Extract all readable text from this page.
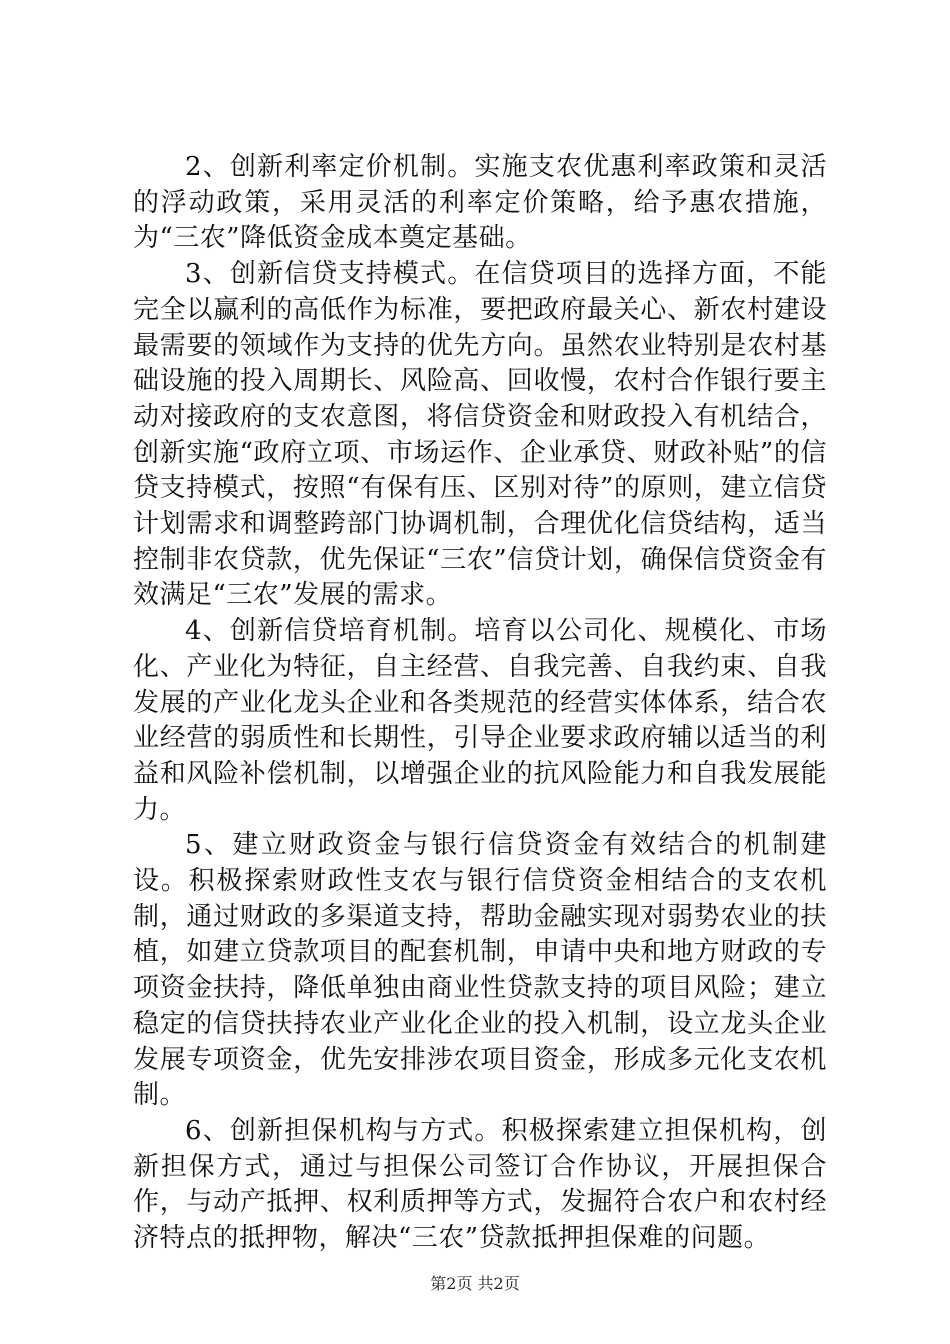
2、创新利率定价机制。实施支农优惠利率政策和灵活的浮动政策，采用灵活的利率定价策略，给予惠农措施，为“三农”降低资金成本奠定基础。

3、创新信贷支持模式。在信贷项目的选择方面，不能完全以赢利的高低作为标准，要把政府最关心、新农村建设最需要的领域作为支持的优先方向。虽然农业特别是农村基础设施的投入周期长、风险高、回收慢，农村合作银行要主动对接政府的支农意图，将信贷资金和财政投入有机结合，创新实施“政府立项、市场运作、企业承贷、财政补贴”的信贷支持模式，按照“有保有压、区别对待”的原则，建立信贷计划需求和调整跨部门协调机制，合理优化信贷结构，适当控制非农贷款，优先保证“三农”信贷计划，确保信贷资金有效满足“三农”发展的需求。

4、创新信贷培育机制。培育以公司化、规模化、市场化、产业化为特征，自主经营、自我完善、自我约束、自我发展的产业化龙头企业和各类规范的经营实体体系，结合农业经营的弱质性和长期性，引导企业要求政府辅以适当的利益和风险补偿机制，以增强企业的抗风险能力和自我发展能力。

5、建立财政资金与银行信贷资金有效结合的机制建设。积极探索财政性支农与银行信贷资金相结合的支农机制，通过财政的多渠道支持，帮助金融实现对弱势农业的扶植，如建立贷款项目的配套机制，申请中央和地方财政的专项资金扶持，降低单独由商业性贷款支持的项目风险；建立稳定的信贷扶持农业产业化企业的投入机制，设立龙头企业发展专项资金，优先安排涉农项目资金，形成多元化支农机制。

6、创新担保机构与方式。积极探索建立担保机构，创新担保方式，通过与担保公司签订合作协议，开展担保合作，与动产抵押、权利质押等方式，发掘符合农户和农村经济特点的抵押物，解决“三农”贷款抵押担保难的问题。

第2页 共2页
